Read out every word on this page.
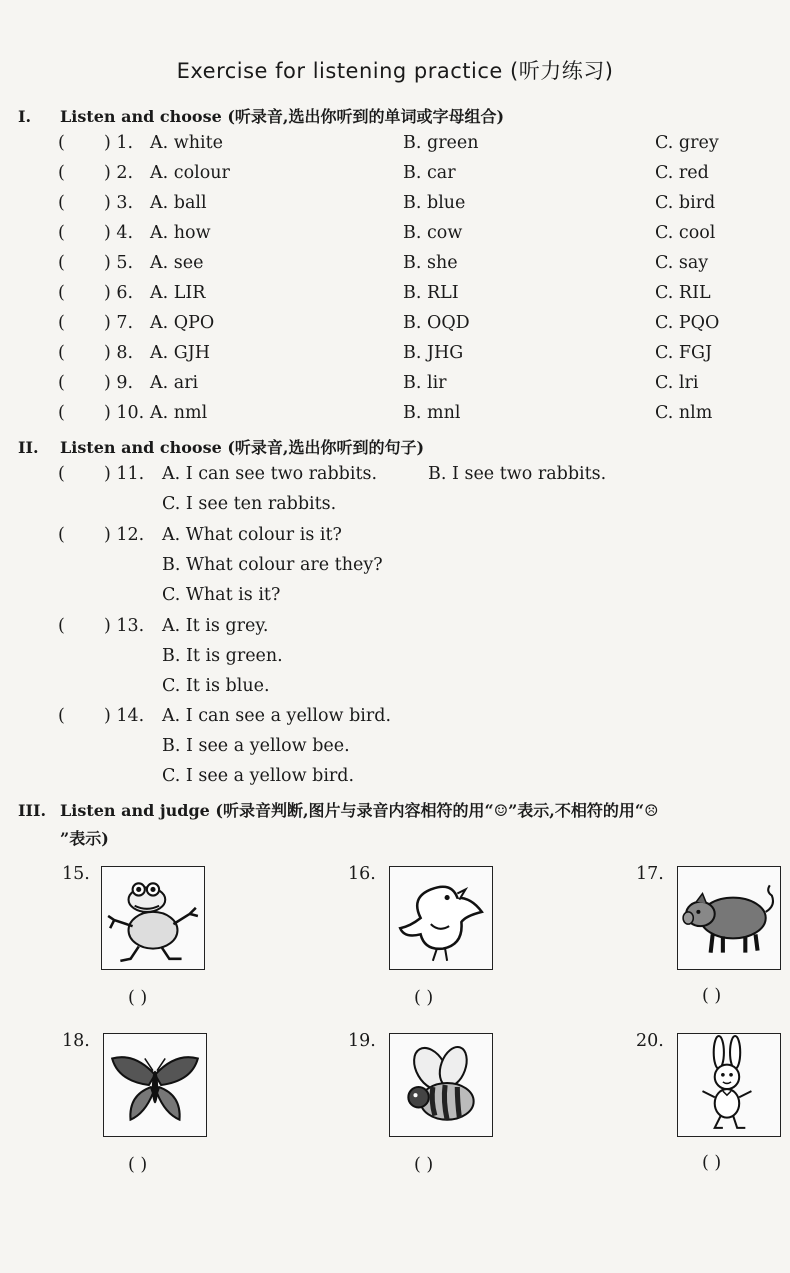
Exercise for listening practice (听力练习)
I. Listen and choose (听录音,选出你听到的单词或字母组合)
( ) 1. A. white	B. green	C. grey
( ) 2. A. colour	B. car	C. red
( ) 3. A. ball	B. blue	C. bird
( ) 4. A. how	B. cow	C. cool
( ) 5. A. see	B. she	C. say
( ) 6. A. LIR	B. RLI	C. RIL
( ) 7. A. QPO	B. OQD	C. PQO
( ) 8. A. GJH	B. JHG	C. FGJ
( ) 9. A. ari	B. lir	C. lri
( ) 10. A. nml	B. mnl	C. nlm
II. Listen and choose (听录音,选出你听到的句子)
( ) 11. A. I can see two rabbits.	B. I see two rabbits.
C. I see ten rabbits.
( ) 12. A. What colour is it?
B. What colour are they?
C. What is it?
( ) 13. A. It is grey.
B. It is green.
C. It is blue.
( ) 14. A. I can see a yellow bird.
B. I see a yellow bee.
C. I see a yellow bird.
III. Listen and judge (听录音判断,图片与录音内容相符的用“☺”表示,不相符的用“☹
”表示)
15.
( )
16.
( )
17.
( )
18.
( )
19.
( )
20.
( )
